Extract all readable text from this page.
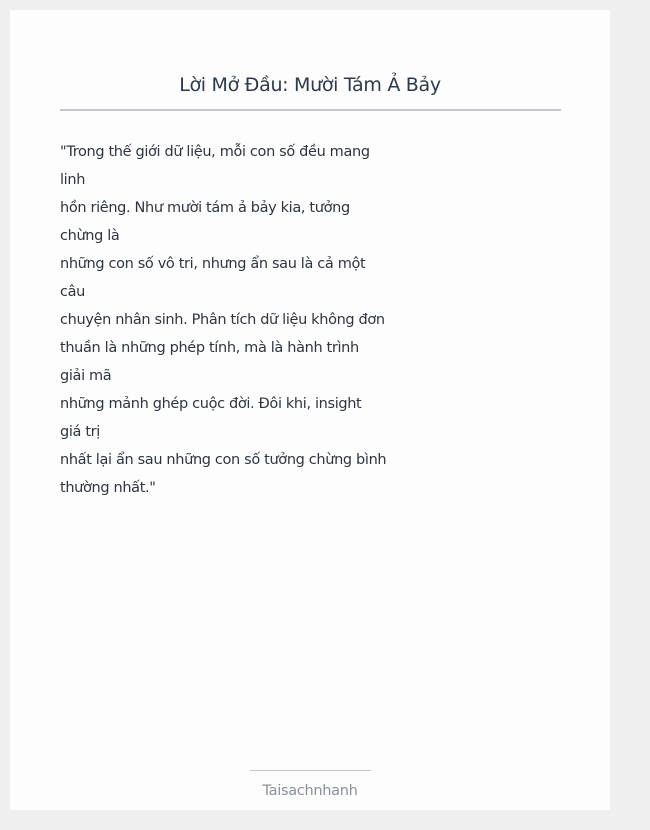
Lời Mở Đầu: Mười Tám Ả Bảy
"Trong thế giới dữ liệu, mỗi con số đều mang
linh
hồn riêng. Như mười tám ả bảy kia, tưởng
chừng là
những con số vô tri, nhưng ẩn sau là cả một
câu
chuyện nhân sinh. Phân tích dữ liệu không đơn
thuần là những phép tính, mà là hành trình
giải mã
những mảnh ghép cuộc đời. Đôi khi, insight
giá trị
nhất lại ẩn sau những con số tưởng chừng bình
thường nhất."
Taisachnhanh
